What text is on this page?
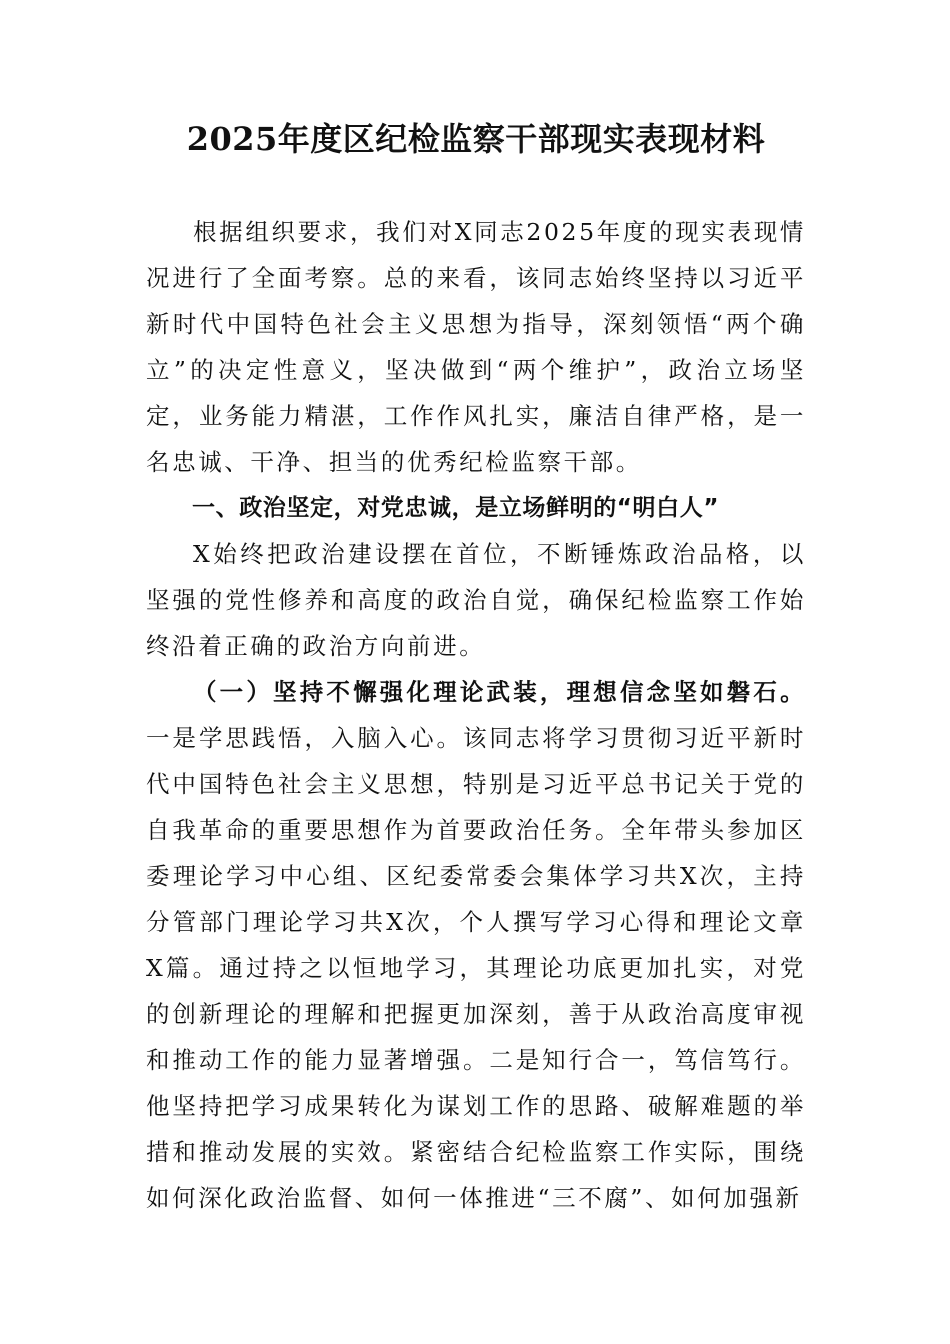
2025年度区纪检监察干部现实表现材料

根据组织要求，我们对X同志2025年度的现实表现情况进行了全面考察。总的来看，该同志始终坚持以习近平新时代中国特色社会主义思想为指导，深刻领悟“两个确立”的决定性意义，坚决做到“两个维护”，政治立场坚定，业务能力精湛，工作作风扎实，廉洁自律严格，是一名忠诚、干净、担当的优秀纪检监察干部。

一、政治坚定，对党忠诚，是立场鲜明的“明白人”

X始终把政治建设摆在首位，不断锤炼政治品格，以坚强的党性修养和高度的政治自觉，确保纪检监察工作始终沿着正确的政治方向前进。

（一）坚持不懈强化理论武装，理想信念坚如磐石。一是学思践悟，入脑入心。该同志将学习贯彻习近平新时代中国特色社会主义思想，特别是习近平总书记关于党的自我革命的重要思想作为首要政治任务。全年带头参加区委理论学习中心组、区纪委常委会集体学习共X次，主持分管部门理论学习共X次，个人撰写学习心得和理论文章X篇。通过持之以恒地学习，其理论功底更加扎实，对党的创新理论的理解和把握更加深刻，善于从政治高度审视和推动工作的能力显著增强。二是知行合一，笃信笃行。他坚持把学习成果转化为谋划工作的思路、破解难题的举措和推动发展的实效。紧密结合纪检监察工作实际，围绕如何深化政治监督、如何一体推进“三不腐”、如何加强新
